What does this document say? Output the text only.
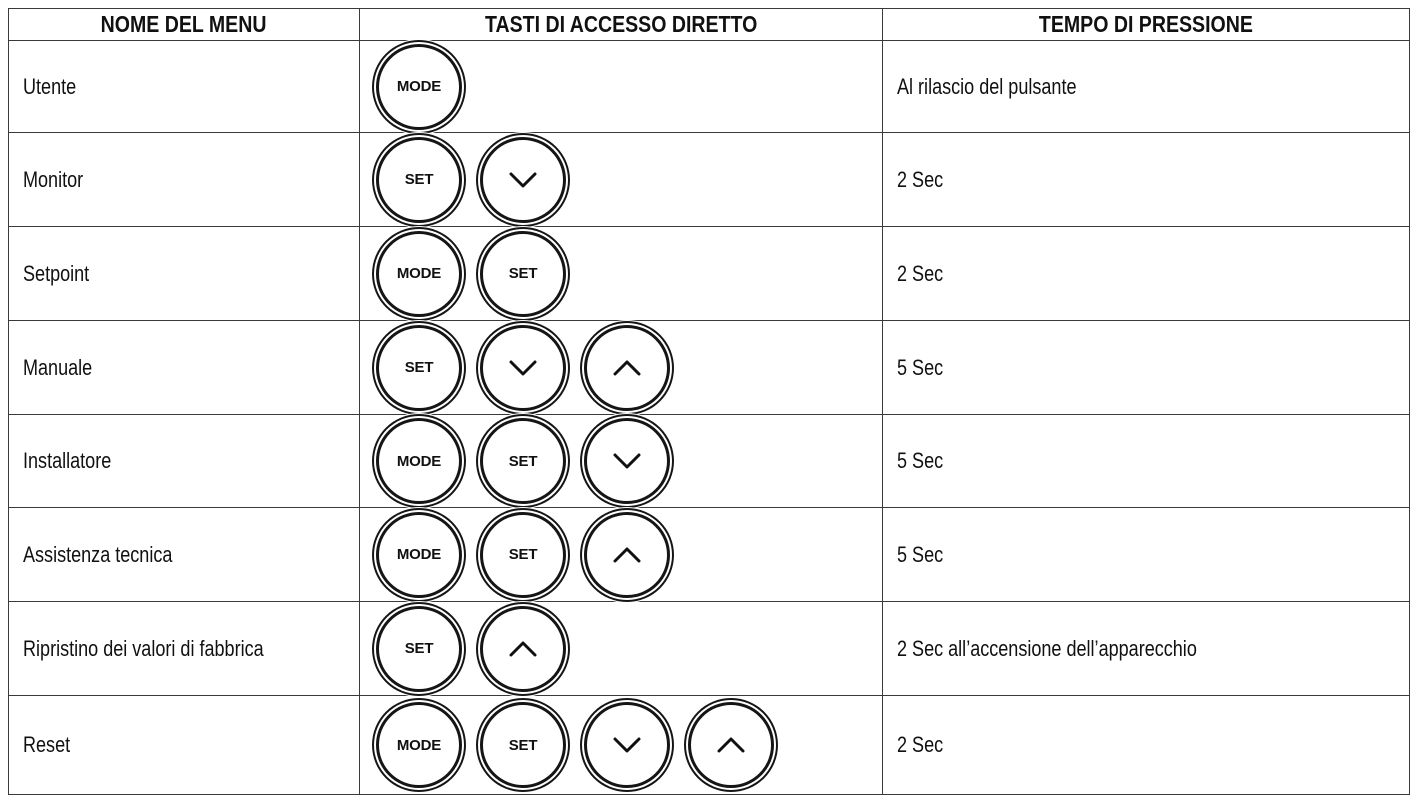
NOME DEL MENU	TASTI DI ACCESSO DIRETTO	TEMPO DI PRESSIONE
Utente	MODE	Al rilascio del pulsante
Monitor	SET	2 Sec
Setpoint	MODE SET	2 Sec
Manuale	SET	5 Sec
Installatore	MODE SET	5 Sec
Assistenza tecnica	MODE SET	5 Sec
Ripristino dei valori di fabbrica	SET	2 Sec all’accensione dell’apparecchio
Reset	MODE SET	2 Sec
